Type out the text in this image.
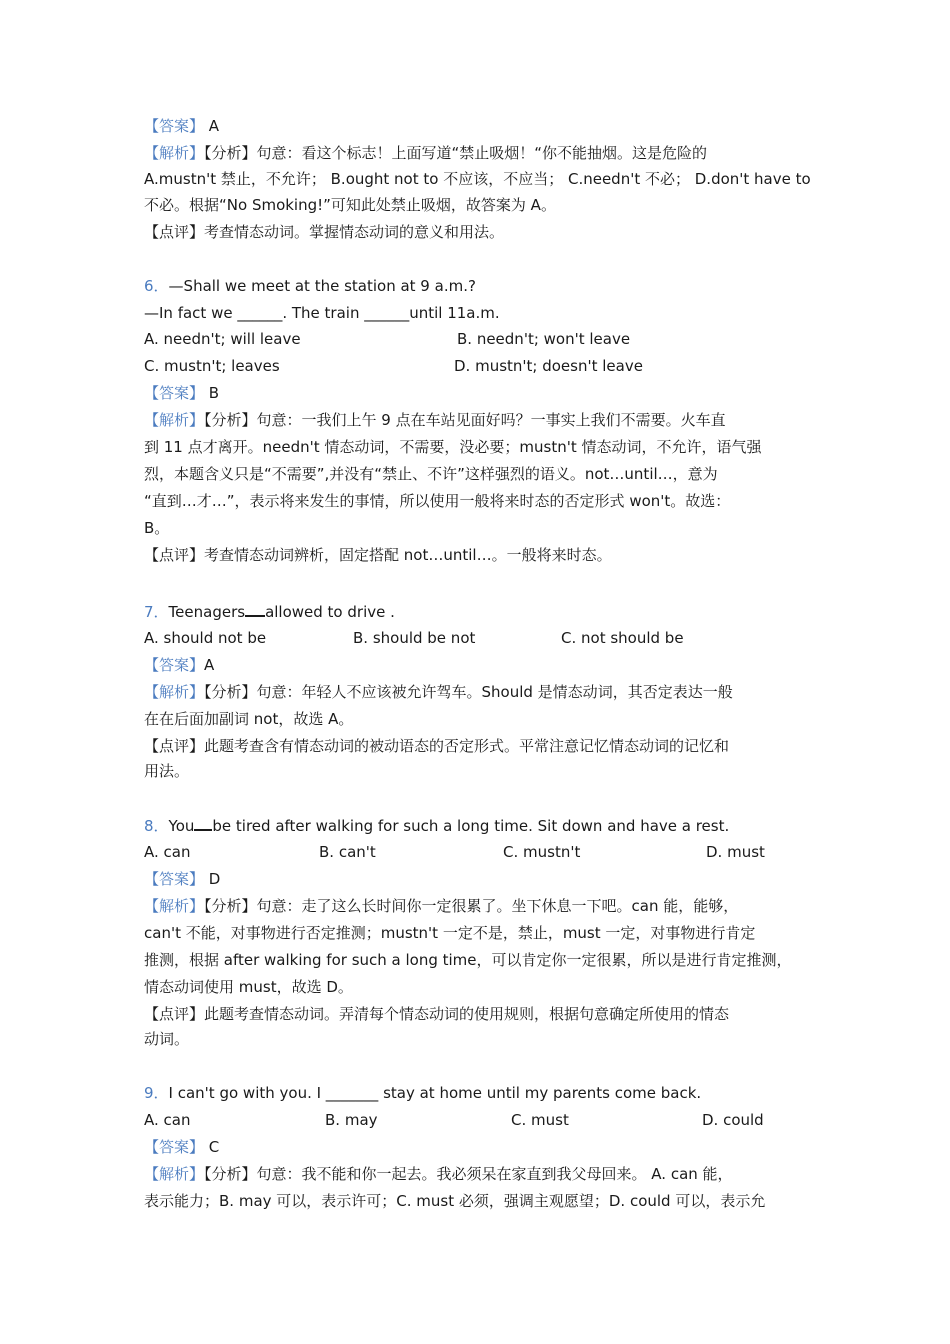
【答案】 A
【解析】【分析】句意：看这个标志！上面写道“禁止吸烟！“你不能抽烟。这是危险的
A.mustn't 禁止，不允许； B.ought not to 不应该，不应当； C.needn't 不必； D.don't have to
不必。根据“No Smoking!”可知此处禁止吸烟，故答案为 A。
【点评】考查情态动词。掌握情态动词的意义和用法。
6．—Shall we meet at the station at 9 a.m.?
—In fact we ______. The train ______until 11a.m.
A. needn't; will leave	B. needn't; won't leave
C. mustn't; leaves	D. mustn't; doesn't leave
【答案】 B
【解析】【分析】句意：一我们上午 9 点在车站见面好吗？一事实上我们不需要。火车直
到 11 点才离开。needn't 情态动词，不需要，没必要；mustn't 情态动词，不允许，语气强
烈，本题含义只是“不需要”,并没有“禁止、不许”这样强烈的语义。not…until…，意为
“直到…才…”，表示将来发生的事情，所以使用一般将来时态的否定形式 won't。故选：
B。
【点评】考查情态动词辨析，固定搭配 not…until…。一般将来时态。
7．Teenagers allowed to drive .
A. should not be	B. should be not	C. not should be
【答案】A
【解析】【分析】句意：年轻人不应该被允许驾车。Should 是情态动词，其否定表达一般
在在后面加副词 not，故选 A。
【点评】此题考查含有情态动词的被动语态的否定形式。平常注意记忆情态动词的记忆和
用法。
8．You be tired after walking for such a long time. Sit down and have a rest.
A. can	B. can't	C. mustn't	D. must
【答案】 D
【解析】【分析】句意：走了这么长时间你一定很累了。坐下休息一下吧。can 能，能够，
can't 不能，对事物进行否定推测；mustn't 一定不是，禁止，must 一定，对事物进行肯定
推测，根据 after walking for such a long time，可以肯定你一定很累，所以是进行肯定推测，
情态动词使用 must，故选 D。
【点评】此题考查情态动词。弄清每个情态动词的使用规则，根据句意确定所使用的情态
动词。
9．I can't go with you. I _______ stay at home until my parents come back.
A. can	B. may	C. must	D. could
【答案】 C
【解析】【分析】句意：我不能和你一起去。我必须呆在家直到我父母回来。 A. can 能，
表示能力；B. may 可以，表示许可；C. must 必须，强调主观愿望；D. could 可以，表示允
